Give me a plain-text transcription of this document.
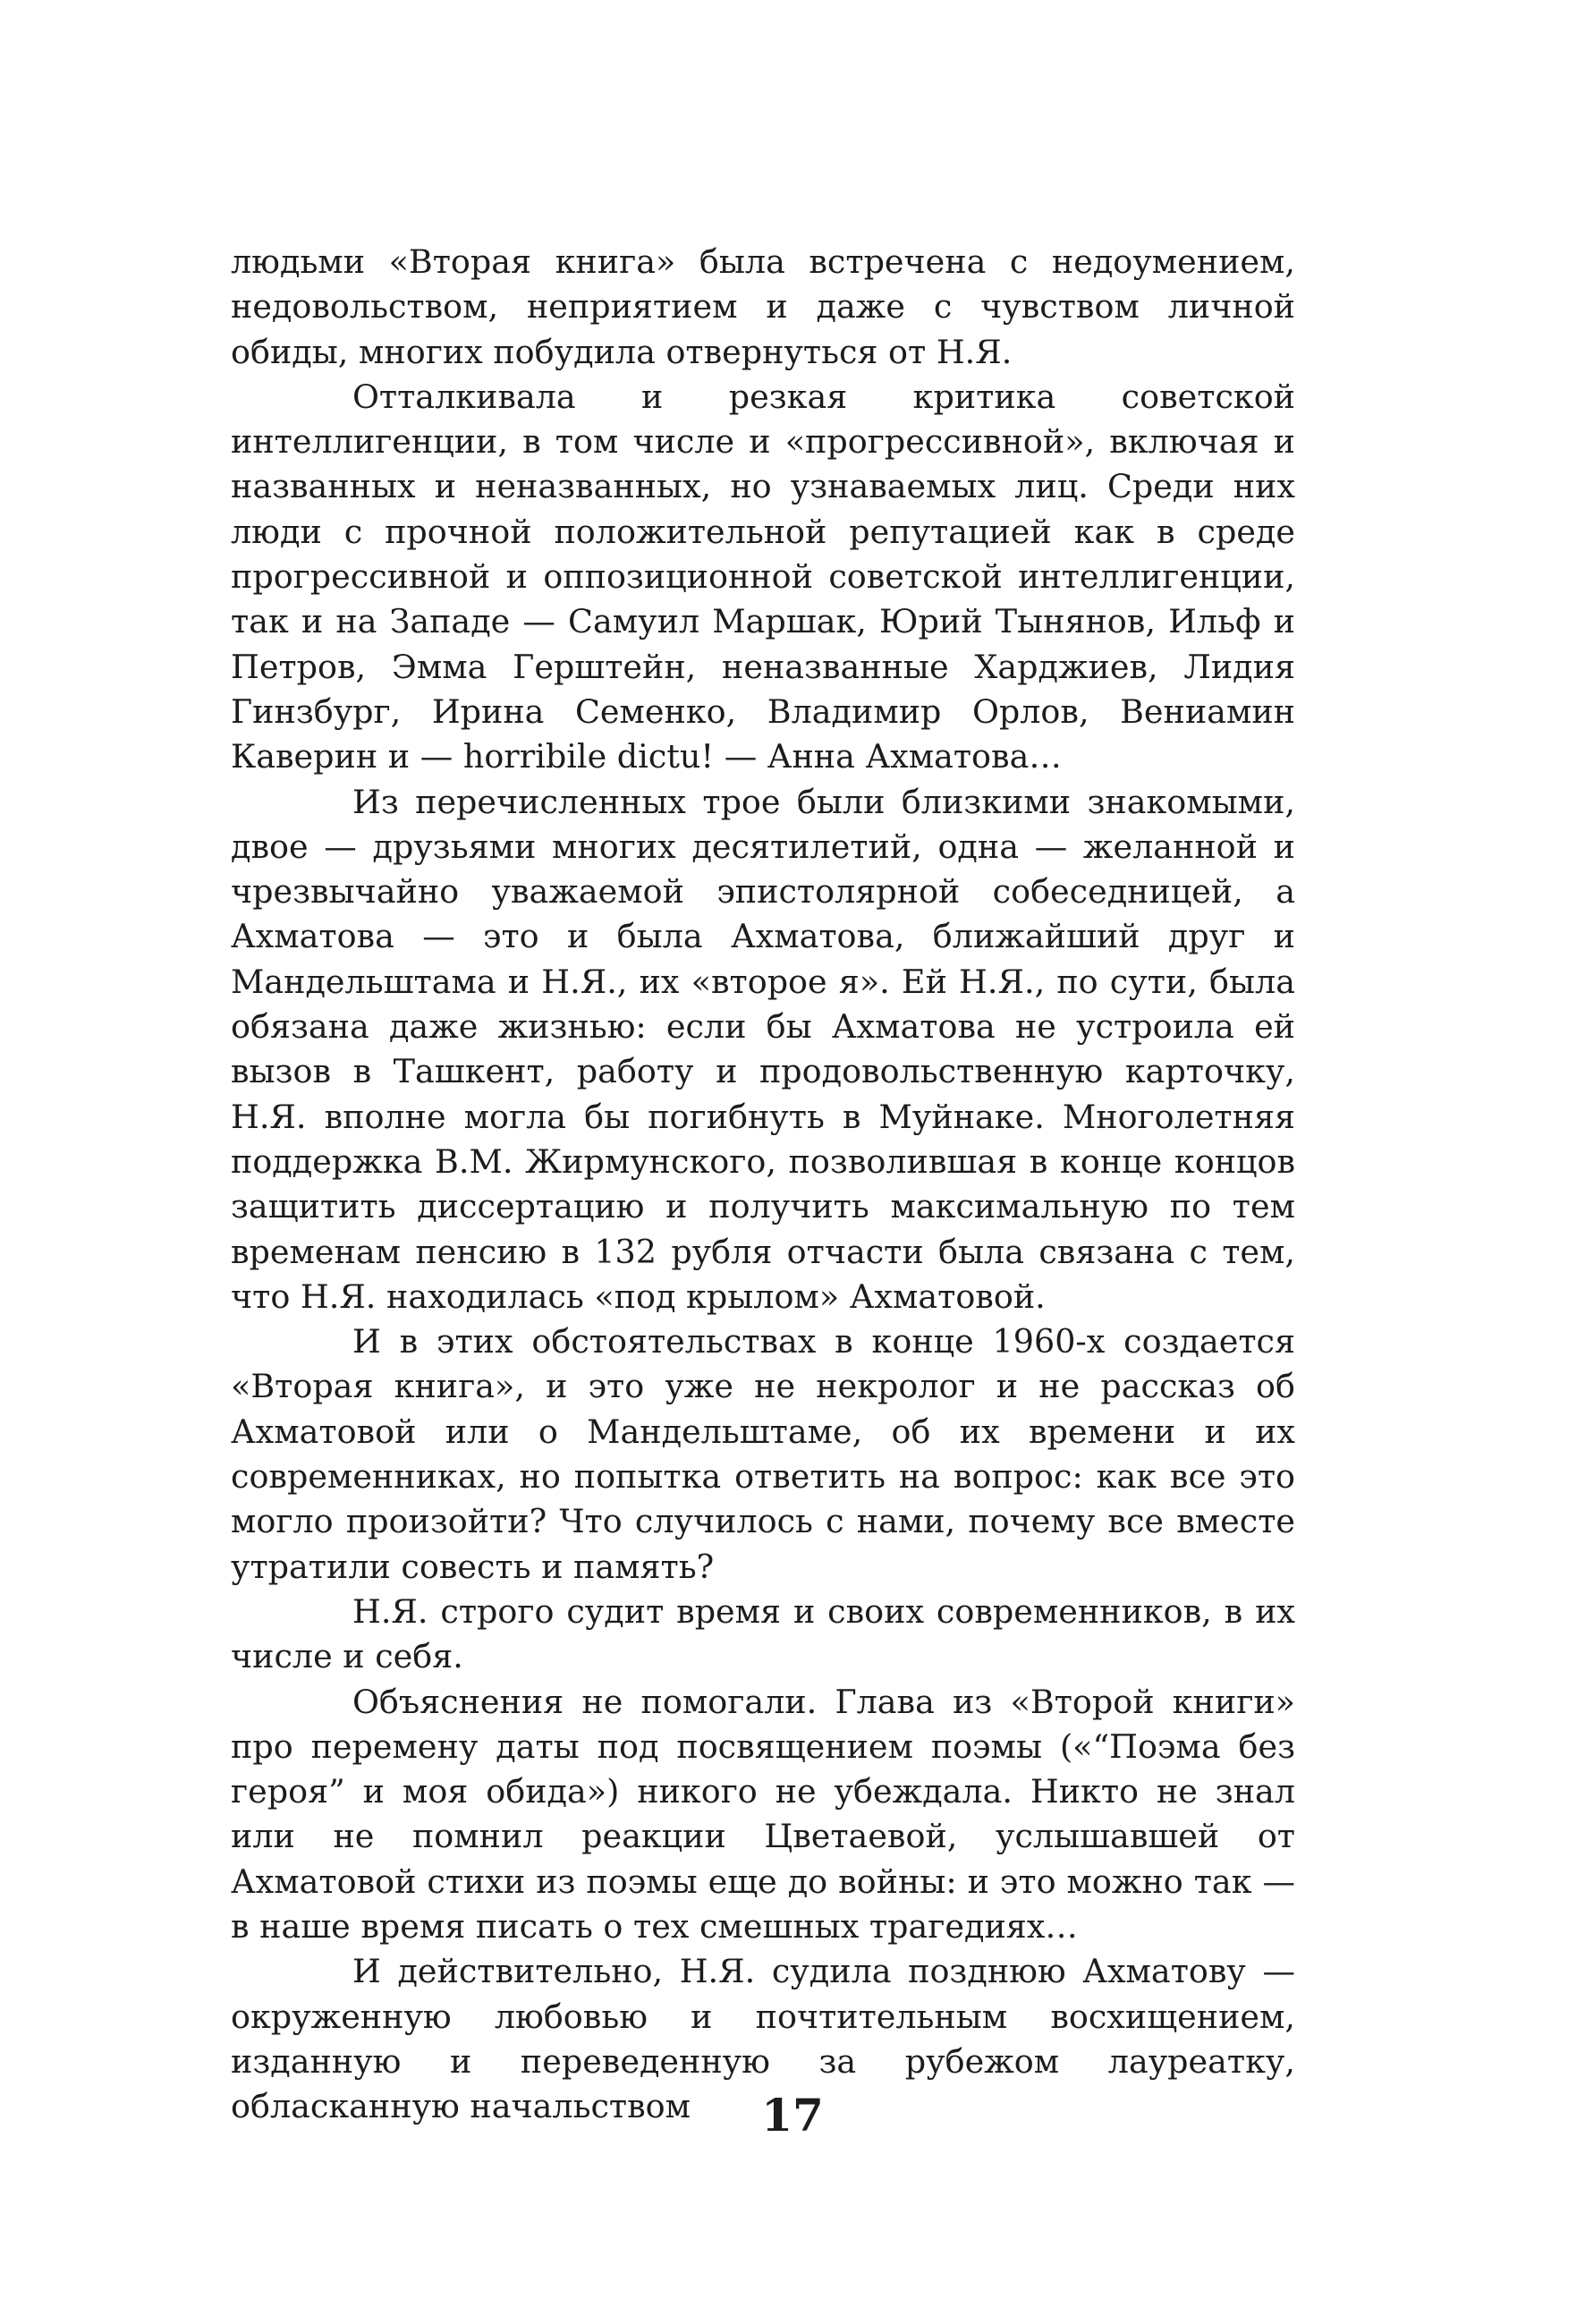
людьми «Вторая книга» была встречена с недоумением, недовольством, неприятием и даже с чувством личной обиды, многих побудила отвернуться от Н.Я.

Отталкивала и резкая критика советской интеллигенции, в том числе и «прогрессивной», включая и названных и неназванных, но узнаваемых лиц. Среди них люди с прочной положительной репутацией как в среде прогрессивной и оппозиционной советской интеллигенции, так и на Западе — Самуил Маршак, Юрий Тынянов, Ильф и Петров, Эмма Герштейн, неназванные Харджиев, Лидия Гинзбург, Ирина Семенко, Владимир Орлов, Вениамин Каверин и — horribile dictu! — Анна Ахматова…

Из перечисленных трое были близкими знакомыми, двое — друзьями многих десятилетий, одна — желанной и чрезвычайно уважаемой эпистолярной собеседницей, а Ахматова — это и была Ахматова, ближайший друг и Мандельштама и Н.Я., их «второе я». Ей Н.Я., по сути, была обязана даже жизнью: если бы Ахматова не устроила ей вызов в Ташкент, работу и продовольственную карточку, Н.Я. вполне могла бы погибнуть в Муйнаке. Многолетняя поддержка В.М. Жирмунского, позволившая в конце концов защитить диссертацию и получить максимальную по тем временам пенсию в 132 рубля отчасти была связана с тем, что Н.Я. находилась «под крылом» Ахматовой.

И в этих обстоятельствах в конце 1960-х создается «Вторая книга», и это уже не некролог и не рассказ об Ахматовой или о Мандельштаме, об их времени и их современниках, но попытка ответить на вопрос: как все это могло произойти? Что случилось с нами, почему все вместе утратили совесть и память?

Н.Я. строго судит время и своих современников, в их числе и себя.

Объяснения не помогали. Глава из «Второй книги» про перемену даты под посвящением поэмы («“Поэма без героя” и моя обида») никого не убеждала. Никто не знал или не помнил реакции Цветаевой, услышавшей от Ахматовой стихи из поэмы еще до войны: и это можно так — в наше время писать о тех смешных трагедиях…

И действительно, Н.Я. судила позднюю Ахматову — окруженную любовью и почтительным восхищением, изданную и переведенную за рубежом лауреатку, обласканную начальством	17
